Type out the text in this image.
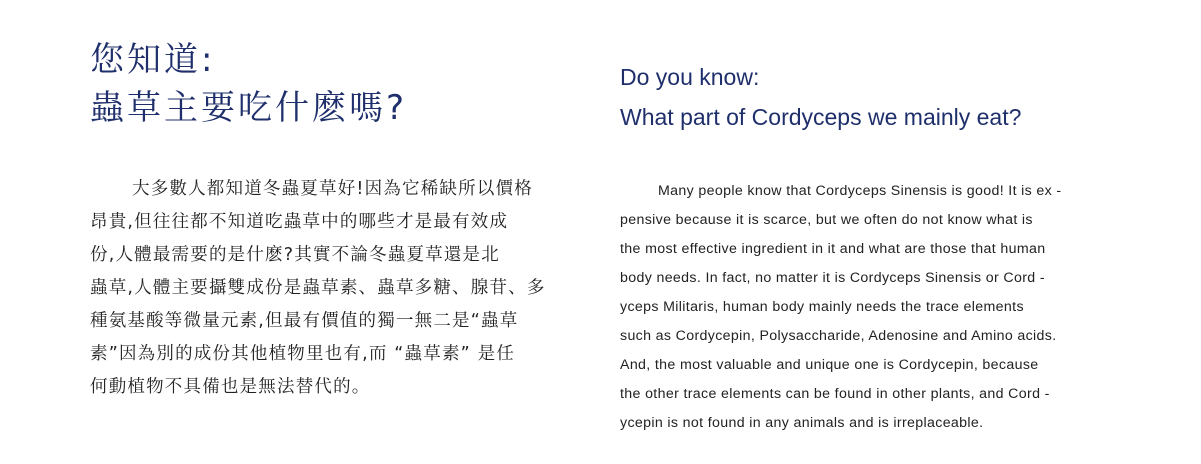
您知道:
蟲草主要吃什麽嗎?
大多數人都知道冬蟲夏草好!因為它稀缺所以價格
昂貴,但往往都不知道吃蟲草中的哪些才是最有效成
份,人體最需要的是什麽?其實不論冬蟲夏草還是北
蟲草,人體主要攝雙成份是蟲草素、蟲草多糖、腺苷、多
種氨基酸等微量元素,但最有價值的獨一無二是“蟲草
素”因為別的成份其他植物里也有,而 “蟲草素” 是任
何動植物不具備也是無法替代的。
Do you know:
What part of Cordyceps we mainly eat?
Many people know that Cordyceps Sinensis is good! It is ex -
pensive because it is scarce, but we often do not know what is
the most effective ingredient in it and what are those that human
body needs. In fact, no matter it is Cordyceps Sinensis or Cord -
yceps Militaris, human body mainly needs the trace elements
such as Cordycepin, Polysaccharide, Adenosine and Amino acids.
And, the most valuable and unique one is Cordycepin, because
the other trace elements can be found in other plants, and Cord -
ycepin is not found in any animals and is irreplaceable.
